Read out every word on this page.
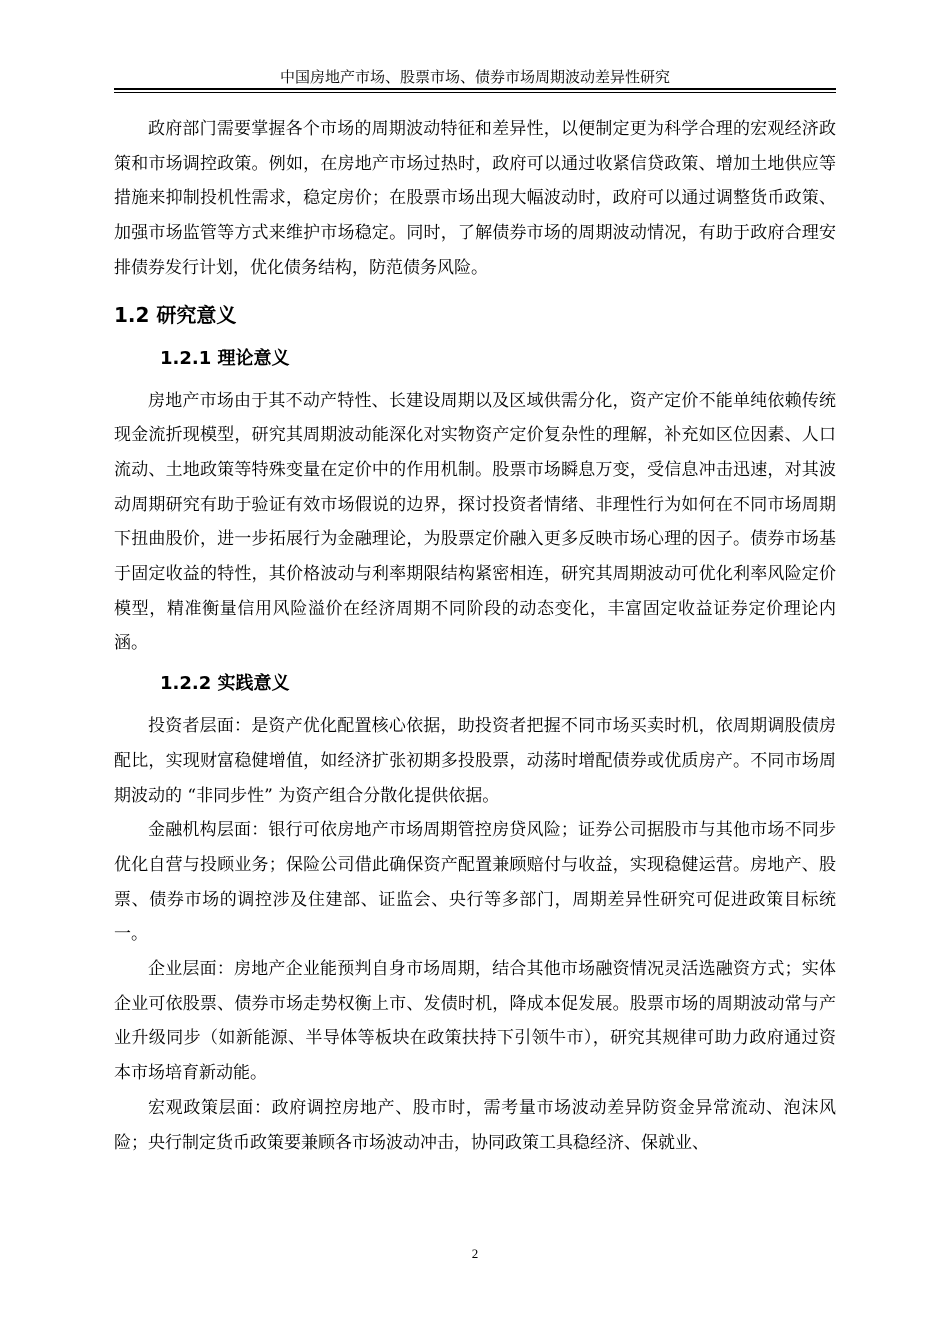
中国房地产市场、股票市场、债券市场周期波动差异性研究

政府部门需要掌握各个市场的周期波动特征和差异性，以便制定更为科学合理的宏观经济政策和市场调控政策。例如，在房地产市场过热时，政府可以通过收紧信贷政策、增加土地供应等措施来抑制投机性需求，稳定房价；在股票市场出现大幅波动时，政府可以通过调整货币政策、加强市场监管等方式来维护市场稳定。同时，了解债券市场的周期波动情况，有助于政府合理安排债券发行计划，优化债务结构，防范债务风险。

1.2 研究意义
1.2.1 理论意义

房地产市场由于其不动产特性、长建设周期以及区域供需分化，资产定价不能单纯依赖传统现金流折现模型，研究其周期波动能深化对实物资产定价复杂性的理解，补充如区位因素、人口流动、土地政策等特殊变量在定价中的作用机制。股票市场瞬息万变，受信息冲击迅速，对其波动周期研究有助于验证有效市场假说的边界，探讨投资者情绪、非理性行为如何在不同市场周期下扭曲股价，进一步拓展行为金融理论，为股票定价融入更多反映市场心理的因子。债券市场基于固定收益的特性，其价格波动与利率期限结构紧密相连，研究其周期波动可优化利率风险定价模型，精准衡量信用风险溢价在经济周期不同阶段的动态变化，丰富固定收益证券定价理论内涵。

1.2.2 实践意义

投资者层面：是资产优化配置核心依据，助投资者把握不同市场买卖时机，依周期调股债房配比，实现财富稳健增值，如经济扩张初期多投股票，动荡时增配债券或优质房产。不同市场周期波动的 “非同步性” 为资产组合分散化提供依据。

金融机构层面：银行可依房地产市场周期管控房贷风险；证券公司据股市与其他市场不同步优化自营与投顾业务；保险公司借此确保资产配置兼顾赔付与收益，实现稳健运营。房地产、股票、债券市场的调控涉及住建部、证监会、央行等多部门，周期差异性研究可促进政策目标统一。

企业层面：房地产企业能预判自身市场周期，结合其他市场融资情况灵活选融资方式；实体企业可依股票、债券市场走势权衡上市、发债时机，降成本促发展。股票市场的周期波动常与产业升级同步（如新能源、半导体等板块在政策扶持下引领牛市），研究其规律可助力政府通过资本市场培育新动能。

宏观政策层面：政府调控房地产、股市时，需考量市场波动差异防资金异常流动、泡沫风险；央行制定货币政策要兼顾各市场波动冲击，协同政策工具稳经济、保就业、

2
